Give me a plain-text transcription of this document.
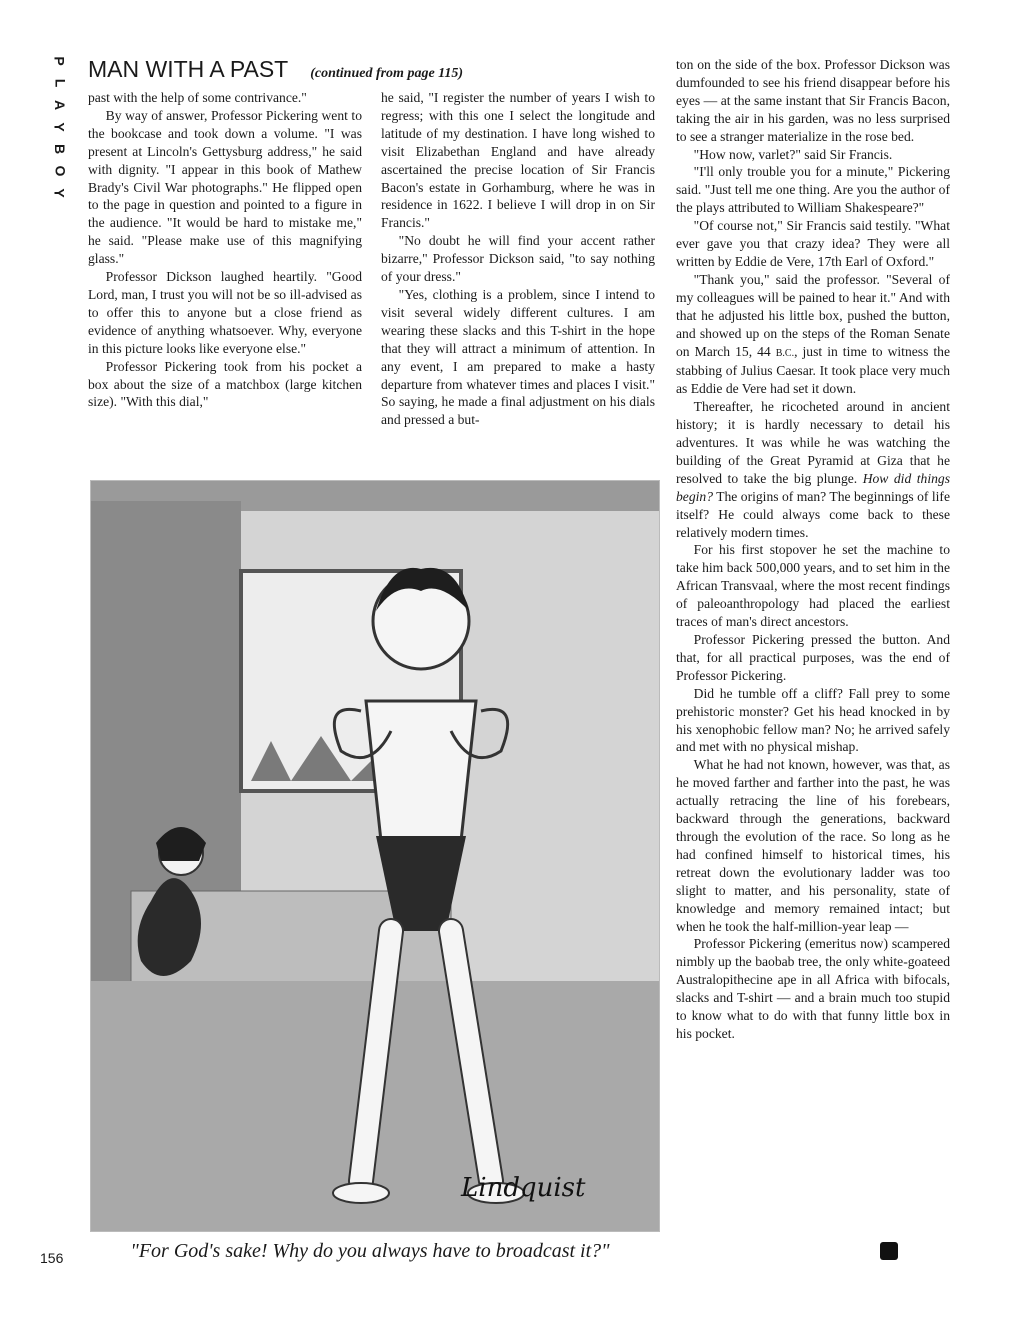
P
L
A
Y
B
O
Y
MAN WITH A PAST (continued from page 115)

past with the help of some contrivance."

By way of answer, Professor Pickering went to the bookcase and took down a volume. "I was present at Lincoln's Gettysburg address," he said with dignity. "I appear in this book of Mathew Brady's Civil War photographs." He flipped open to the page in question and pointed to a figure in the audience. "It would be hard to mistake me," he said. "Please make use of this magnifying glass."

Professor Dickson laughed heartily. "Good Lord, man, I trust you will not be so ill-advised as to offer this to anyone but a close friend as evidence of anything whatsoever. Why, everyone in this picture looks like everyone else."

Professor Pickering took from his pocket a box about the size of a matchbox (large kitchen size). "With this dial,"

he said, "I register the number of years I wish to regress; with this one I select the longitude and latitude of my destination. I have long wished to visit Elizabethan England and have already ascertained the precise location of Sir Francis Bacon's estate in Gorhamburg, where he was in residence in 1622. I believe I will drop in on Sir Francis."

"No doubt he will find your accent rather bizarre," Professor Dickson said, "to say nothing of your dress."

"Yes, clothing is a problem, since I intend to visit several widely different cultures. I am wearing these slacks and this T-shirt in the hope that they will attract a minimum of attention. In any event, I am prepared to make a hasty departure from whatever times and places I visit." So saying, he made a final adjustment on his dials and pressed a but-

ton on the side of the box. Professor Dickson was dumfounded to see his friend disappear before his eyes — at the same instant that Sir Francis Bacon, taking the air in his garden, was no less surprised to see a stranger materialize in the rose bed.

"How now, varlet?" said Sir Francis.

"I'll only trouble you for a minute," Pickering said. "Just tell me one thing. Are you the author of the plays attributed to William Shakespeare?"

"Of course not," Sir Francis said testily. "What ever gave you that crazy idea? They were all written by Eddie de Vere, 17th Earl of Oxford."

"Thank you," said the professor. "Several of my colleagues will be pained to hear it." And with that he adjusted his little box, pushed the button, and showed up on the steps of the Roman Senate on March 15, 44 B.C., just in time to witness the stabbing of Julius Caesar. It took place very much as Eddie de Vere had set it down.

Thereafter, he ricocheted around in ancient history; it is hardly necessary to detail his adventures. It was while he was watching the building of the Great Pyramid at Giza that he resolved to take the big plunge. How did things begin? The origins of man? The beginnings of life itself? He could always come back to these relatively modern times.

For his first stopover he set the machine to take him back 500,000 years, and to set him in the African Transvaal, where the most recent findings of paleoanthropology had placed the earliest traces of man's direct ancestors.

Professor Pickering pressed the button. And that, for all practical purposes, was the end of Professor Pickering.

Did he tumble off a cliff? Fall prey to some prehistoric monster? Get his head knocked in by his xenophobic fellow man? No; he arrived safely and met with no physical mishap.

What he had not known, however, was that, as he moved farther and farther into the past, he was actually retracing the line of his forebears, backward through the generations, backward through the evolution of the race. So long as he had confined himself to historical times, his retreat down the evolutionary ladder was too slight to matter, and his personality, state of knowledge and memory remained intact; but when he took the half-million-year leap —

Professor Pickering (emeritus now) scampered nimbly up the baobab tree, the only white-goateed Australopithecine ape in all Africa with bifocals, slacks and T-shirt — and a brain much too stupid to know what to do with that funny little box in his pocket.

Lindquist
"For God's sake! Why do you always have to broadcast it?"
156
